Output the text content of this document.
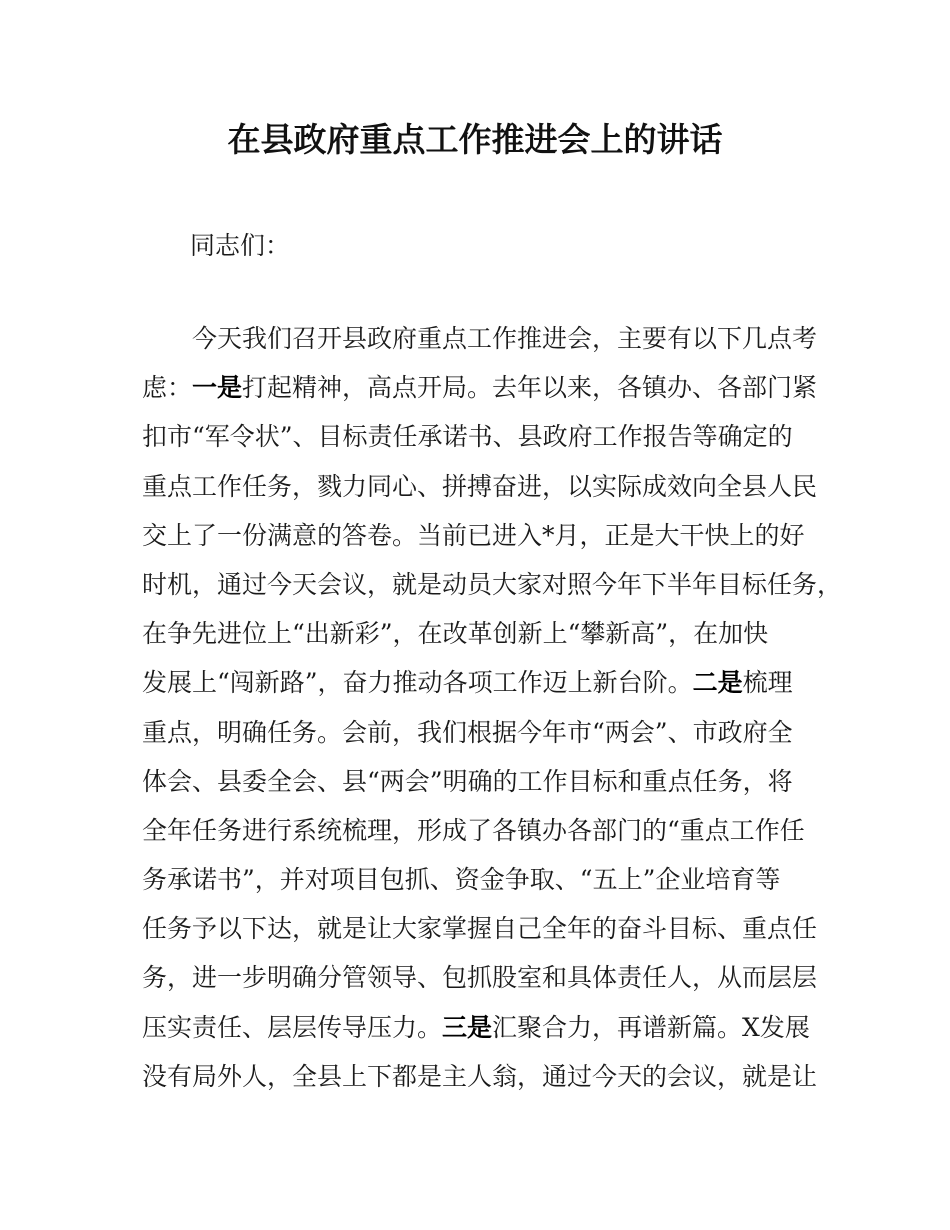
在县政府重点工作推进会上的讲话
同志们：
今天我们召开县政府重点工作推进会，主要有以下几点考
虑：一是打起精神，高点开局。去年以来，各镇办、各部门紧
扣市“军令状”、目标责任承诺书、县政府工作报告等确定的
重点工作任务，戮力同心、拼搏奋进，以实际成效向全县人民
交上了一份满意的答卷。当前已进入*月，正是大干快上的好
时机，通过今天会议，就是动员大家对照今年下半年目标任务，
在争先进位上“出新彩”，在改革创新上“攀新高”，在加快
发展上“闯新路”，奋力推动各项工作迈上新台阶。二是梳理
重点，明确任务。会前，我们根据今年市“两会”、市政府全
体会、县委全会、县“两会”明确的工作目标和重点任务，将
全年任务进行系统梳理，形成了各镇办各部门的“重点工作任
务承诺书”，并对项目包抓、资金争取、“五上”企业培育等
任务予以下达，就是让大家掌握自己全年的奋斗目标、重点任
务，进一步明确分管领导、包抓股室和具体责任人，从而层层
压实责任、层层传导压力。三是汇聚合力，再谱新篇。X发展
没有局外人，全县上下都是主人翁，通过今天的会议，就是让
